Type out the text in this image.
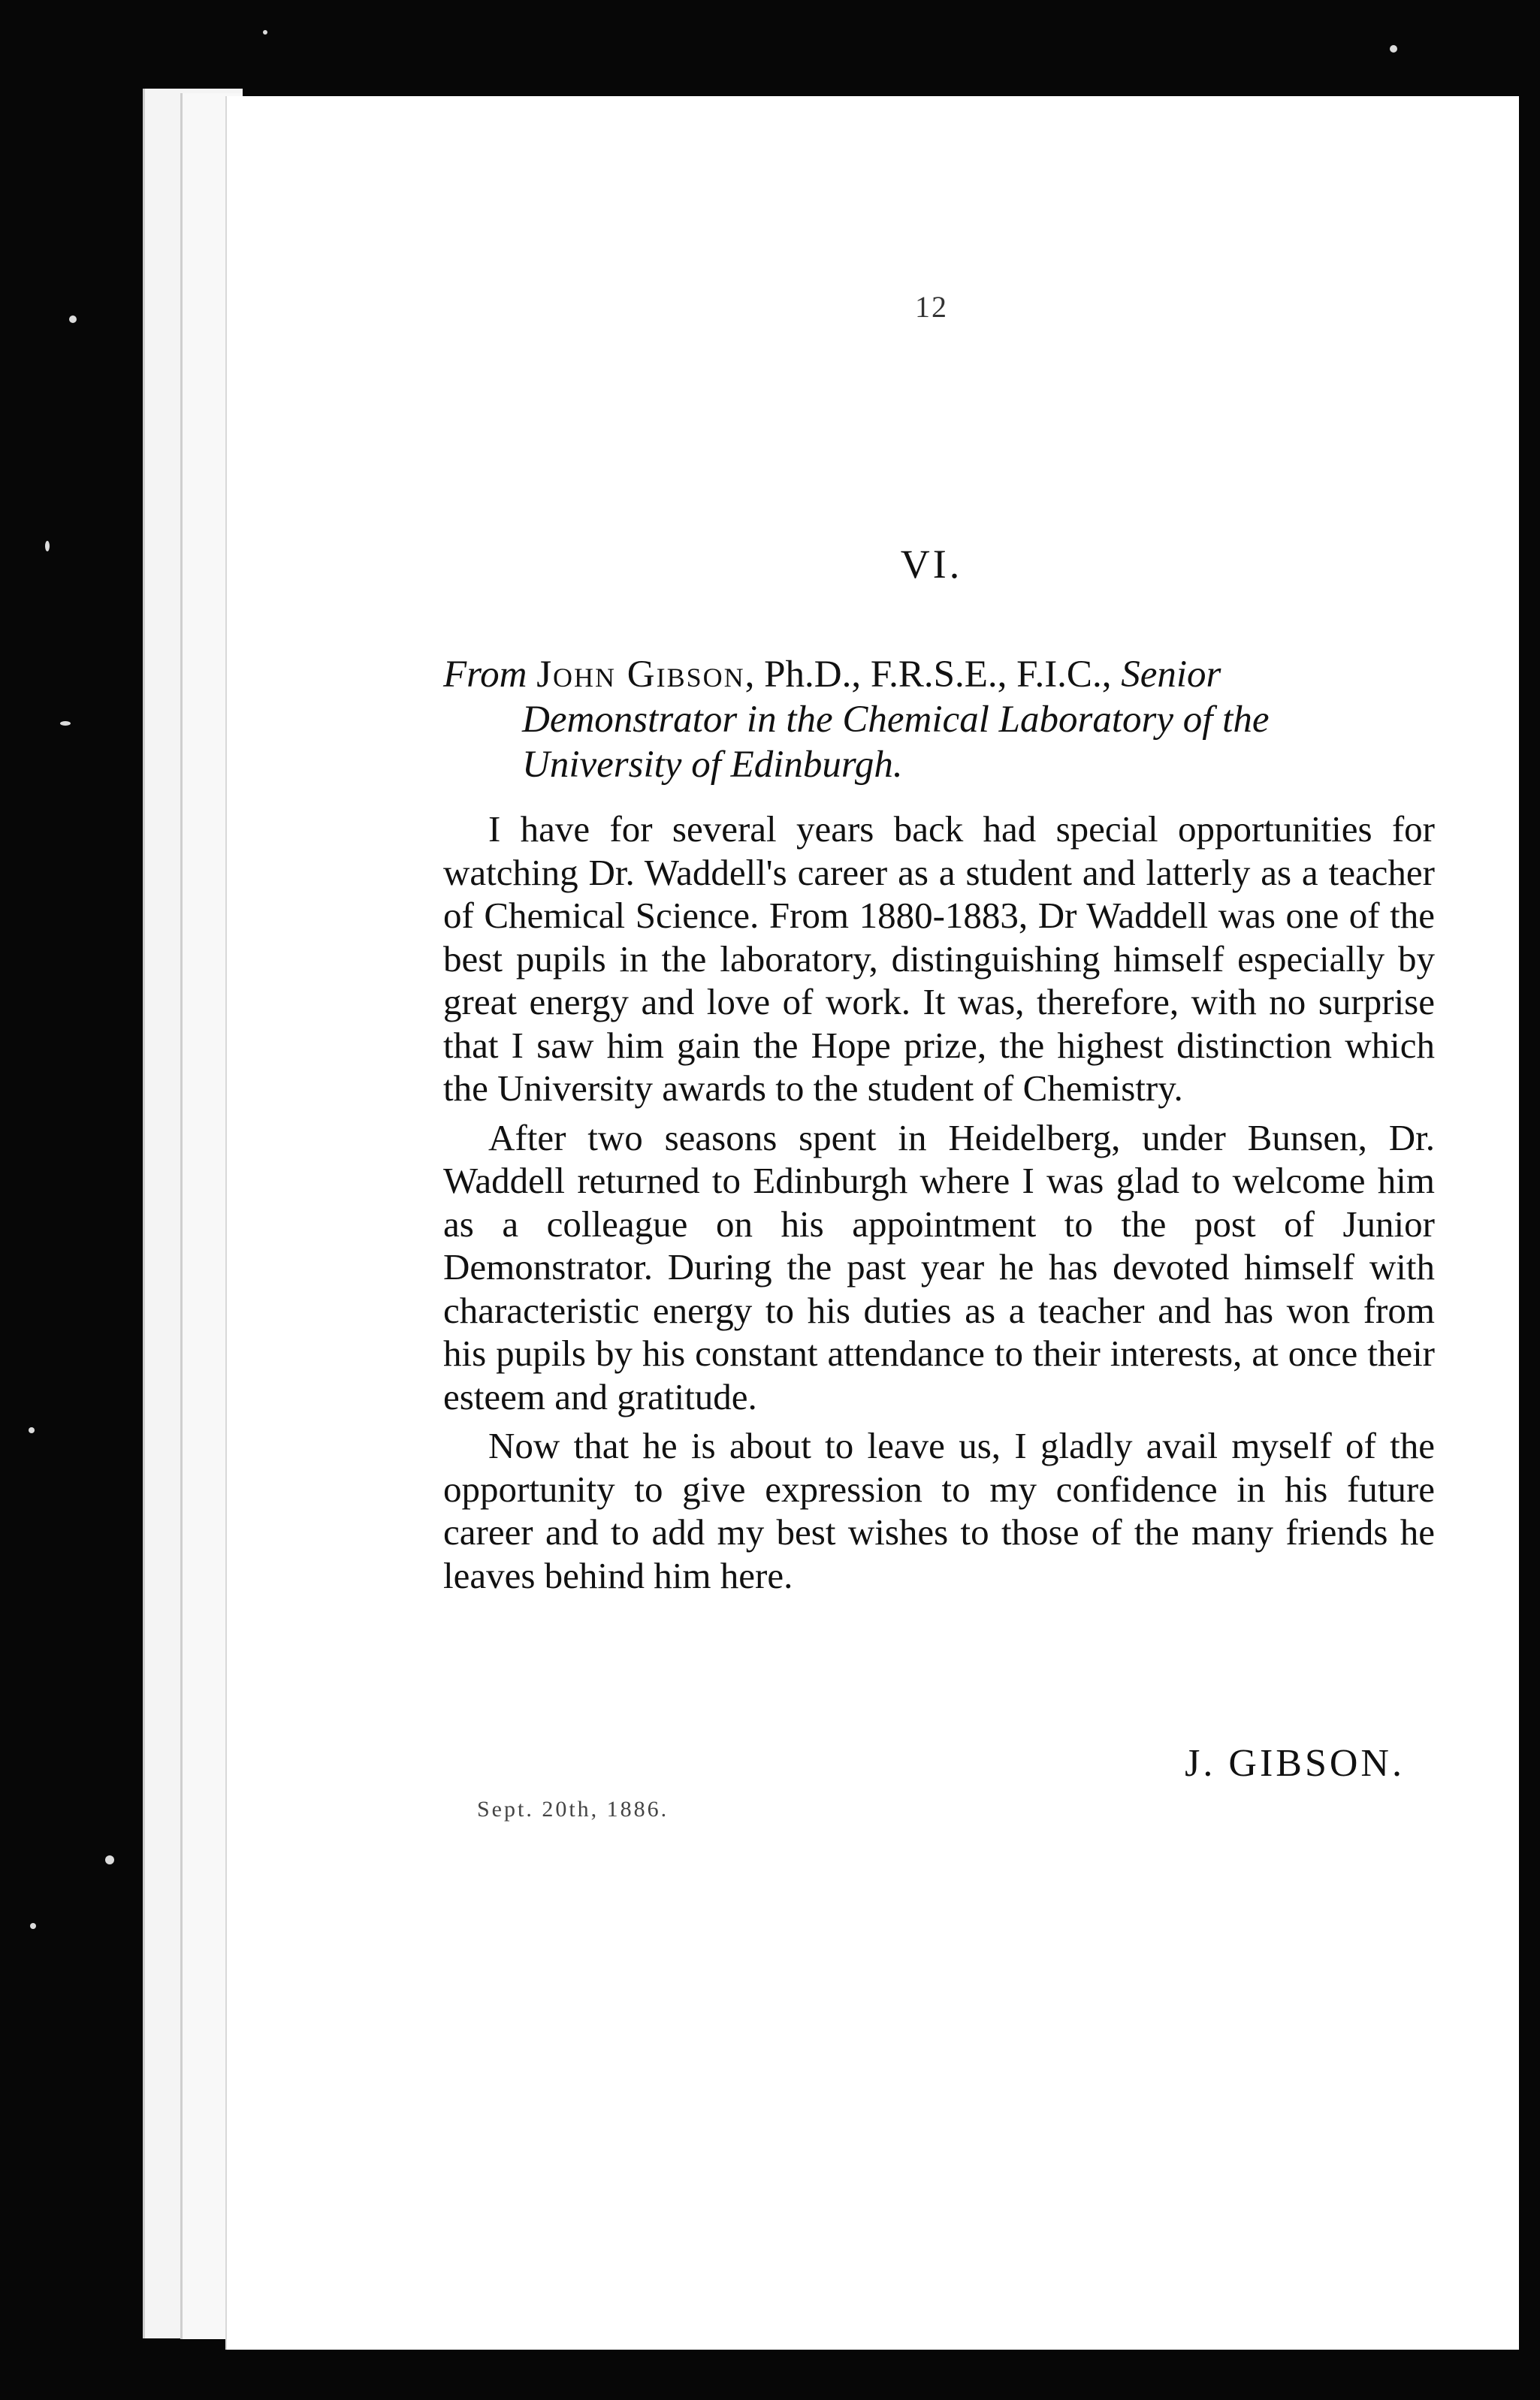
12
VI.
From John Gibson, Ph.D., F.R.S.E., F.I.C., Senior
Demonstrator in the Chemical Laboratory of the
University of Edinburgh.

I have for several years back had special opportunities for watching Dr. Waddell's career as a student and latterly as a teacher of Chemical Science. From 1880-1883, Dr Waddell was one of the best pupils in the laboratory, distinguishing himself especially by great energy and love of work. It was, therefore, with no surprise that I saw him gain the Hope prize, the highest distinction which the University awards to the student of Chemistry.

After two seasons spent in Heidelberg, under Bunsen, Dr. Waddell returned to Edinburgh where I was glad to welcome him as a colleague on his appointment to the post of Junior Demonstrator. During the past year he has devoted himself with characteristic energy to his duties as a teacher and has won from his pupils by his constant attendance to their interests, at once their esteem and gratitude.

Now that he is about to leave us, I gladly avail myself of the opportunity to give expression to my confidence in his future career and to add my best wishes to those of the many friends he leaves behind him here.

J. GIBSON.
Sept. 20th, 1886.
